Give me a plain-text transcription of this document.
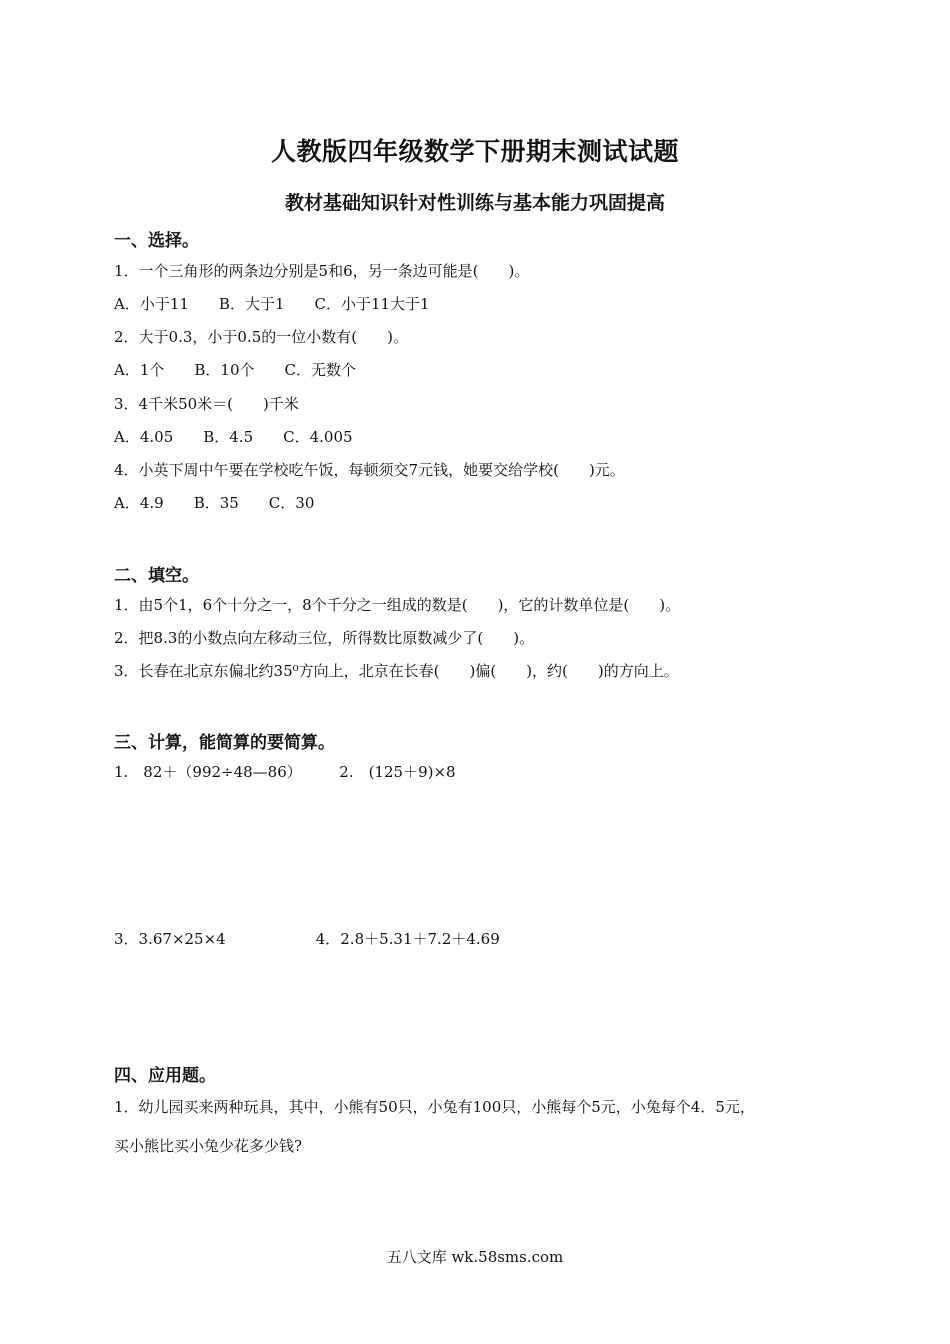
人教版四年级数学下册期末测试试题
教材基础知识针对性训练与基本能力巩固提高
一、选择。
1．一个三角形的两条边分别是5和6，另一条边可能是(　　)。
A．小于11　　B．大于1　　C．小于11大于1
2．大于0.3，小于0.5的一位小数有(　　)。
A．1个　　B．10个　　C．无数个
3．4千米50米＝(　　)千米
A．4.05　　B．4.5　　C．4.005
4．小英下周中午要在学校吃午饭，每顿须交7元钱，她要交给学校(　　)元。
A．4.9　　B．35　　C．30
二、填空。
1．由5个1，6个十分之一，8个千分之一组成的数是(　　)，它的计数单位是(　　)。
2．把8.3的小数点向左移动三位，所得数比原数减少了(　　)。
3．长春在北京东偏北约35⁰方向上，北京在长春(　　)偏(　　)，约(　　)的方向上。
三、计算，能简算的要简算。
1.　82＋（992÷48—86）　　　2.　(125＋9)×8
3．3.67×25×4　　　　　　4．2.8＋5.31＋7.2＋4.69
四、应用题。
1．幼儿园买来两种玩具，其中，小熊有50只，小兔有100只，小熊每个5元，小兔每个4．5元，
买小熊比买小兔少花多少钱?
五八文库 wk.58sms.com
